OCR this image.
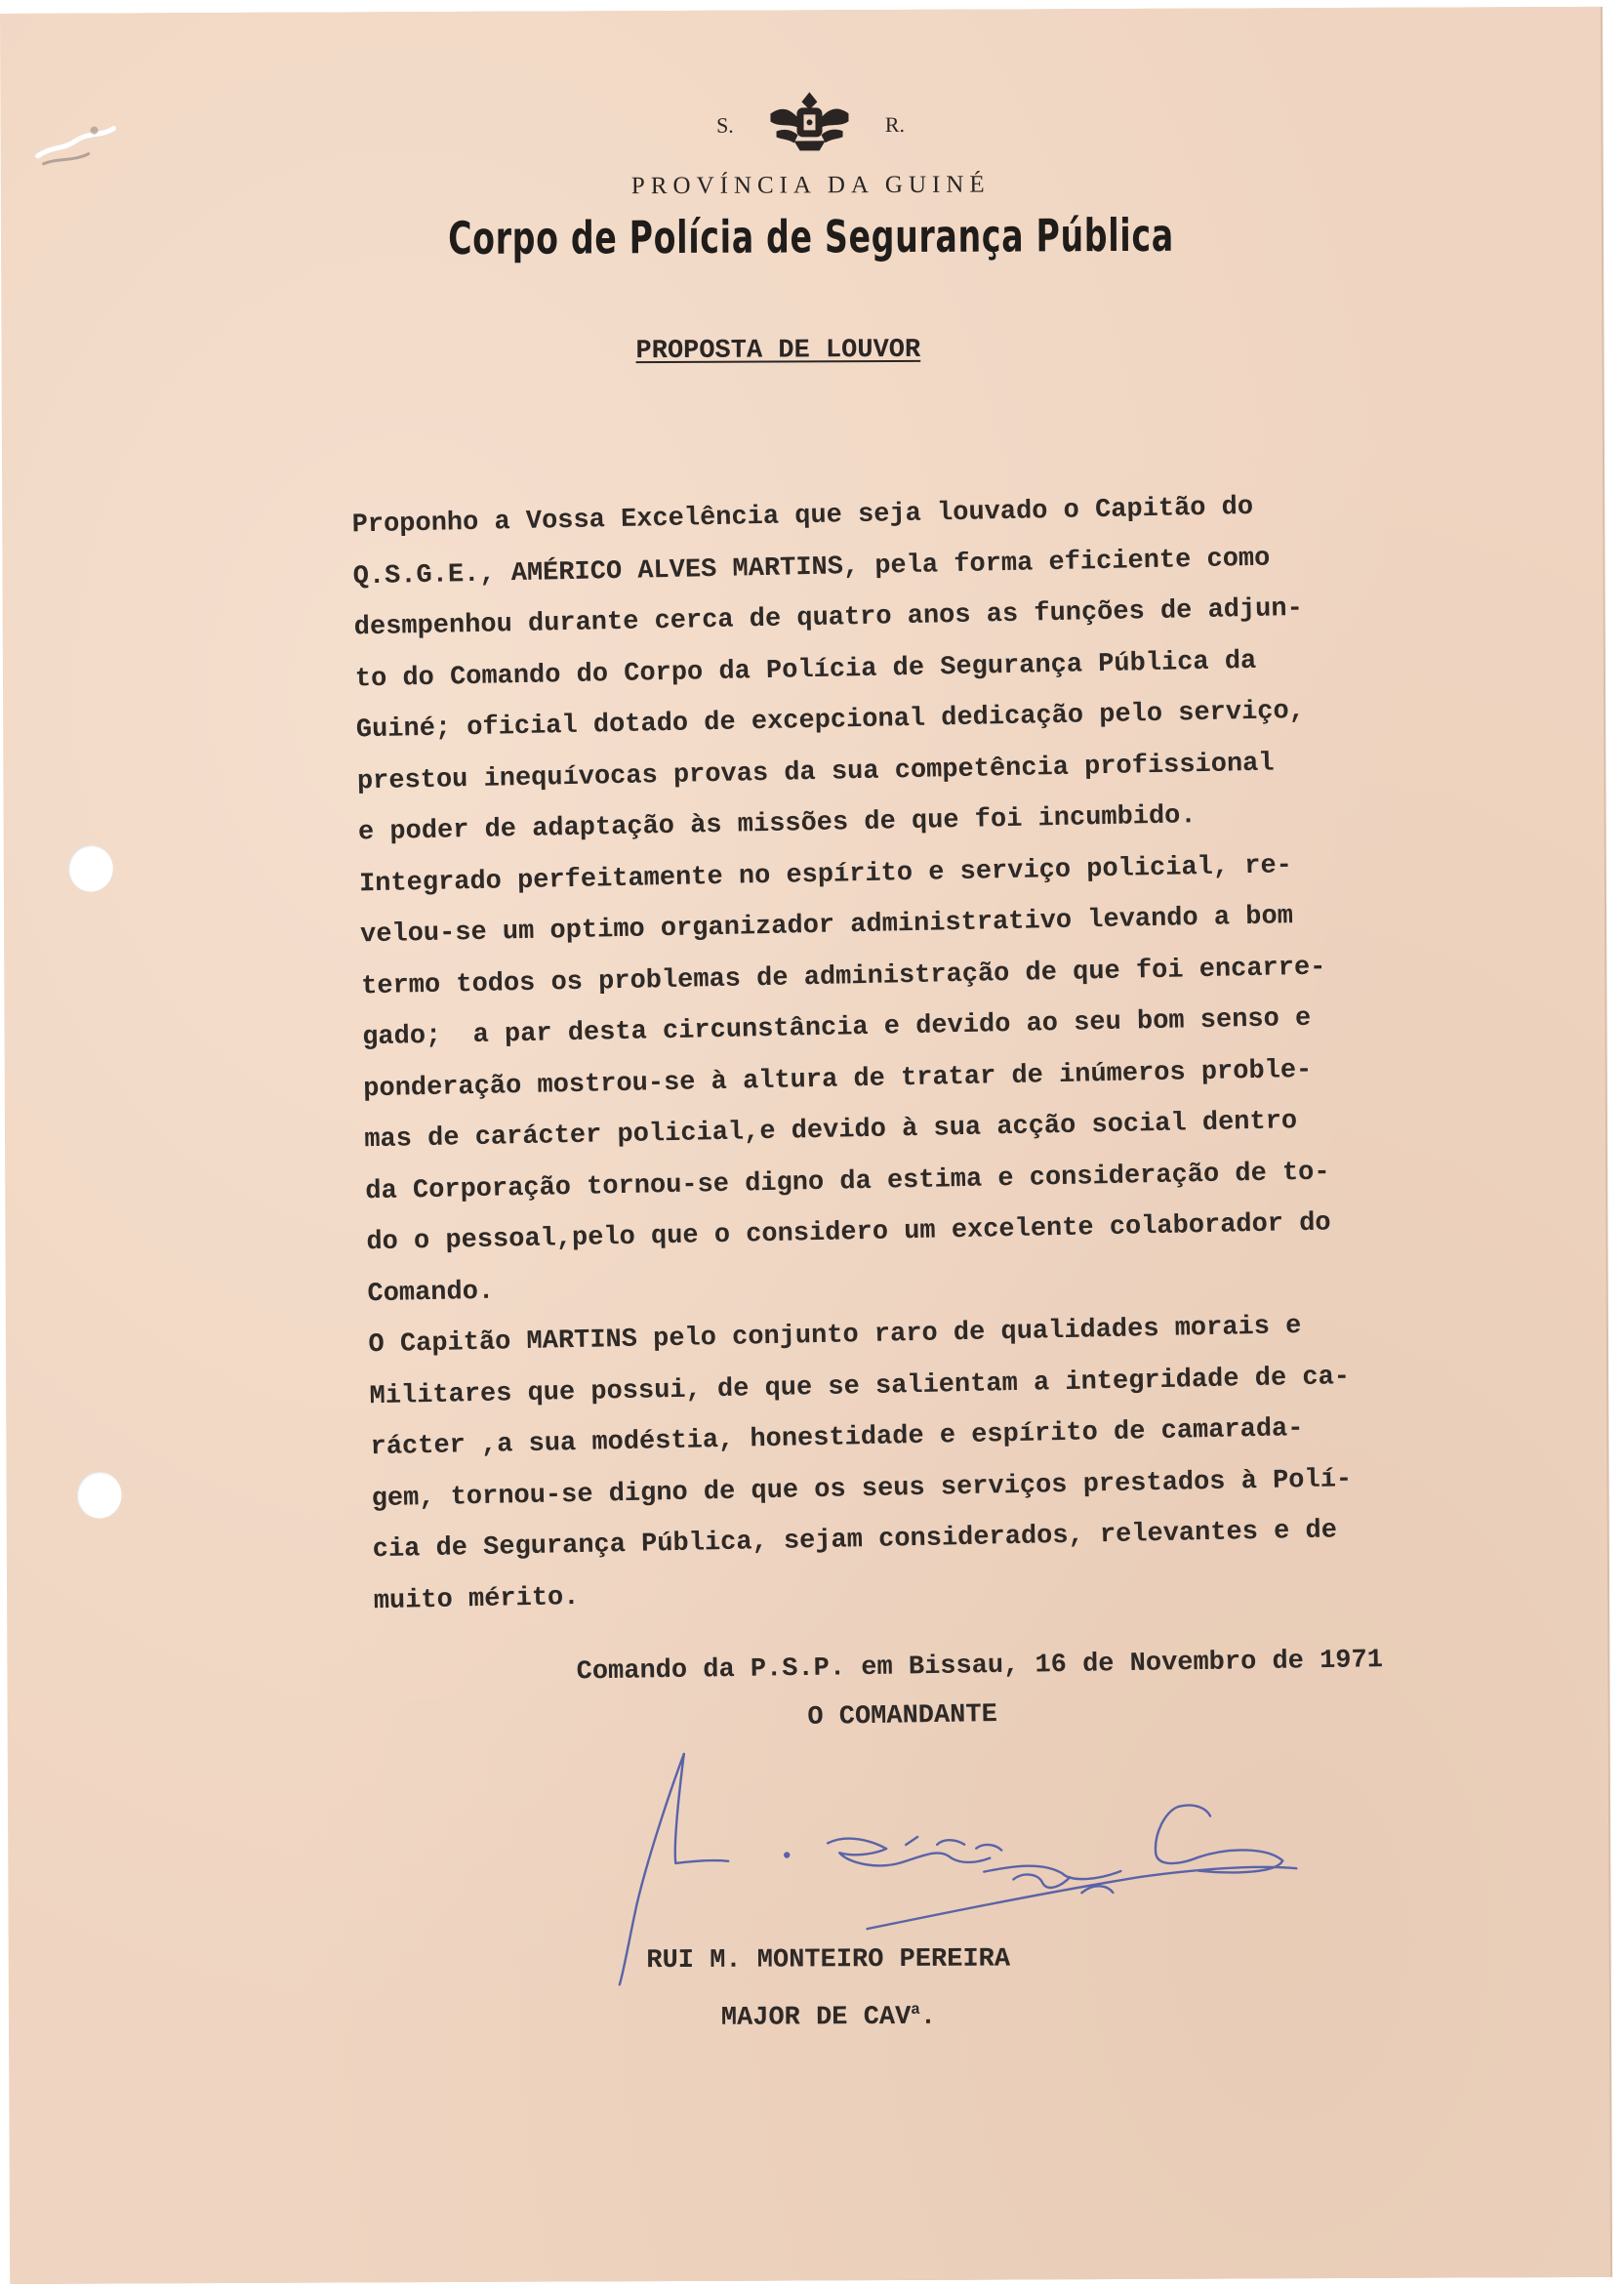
S.	R.
PROVÍNCIA DA GUINÉ
Corpo de Polícia de Segurança Pública
PROPOSTA DE LOUVOR
Proponho a Vossa Excelência que seja louvado o Capitão do
Q.S.G.E., AMÉRICO ALVES MARTINS, pela forma eficiente como
desmpenhou durante cerca de quatro anos as funções de adjun-
to do Comando do Corpo da Polícia de Segurança Pública da
Guiné; oficial dotado de excepcional dedicação pelo serviço,
prestou inequívocas provas da sua competência profissional
e poder de adaptação às missões de que foi incumbido.
Integrado perfeitamente no espírito e serviço policial, re-
velou-se um optimo organizador administrativo levando a bom
termo todos os problemas de administração de que foi encarre-
gado;  a par desta circunstância e devido ao seu bom senso e
ponderação mostrou-se à altura de tratar de inúmeros proble-
mas de carácter policial,e devido à sua acção social dentro
da Corporação tornou-se digno da estima e consideração de to-
do o pessoal,pelo que o considero um excelente colaborador do
Comando.
O Capitão MARTINS pelo conjunto raro de qualidades morais e
Militares que possui, de que se salientam a integridade de ca-
rácter ,a sua modéstia, honestidade e espírito de camarada-
gem, tornou-se digno de que os seus serviços prestados à Polí-
cia de Segurança Pública, sejam considerados, relevantes e de
muito mérito.
Comando da P.S.P. em Bissau, 16 de Novembro de 1971
O COMANDANTE
RUI M. MONTEIRO PEREIRA
MAJOR DE CAV$^a$.
